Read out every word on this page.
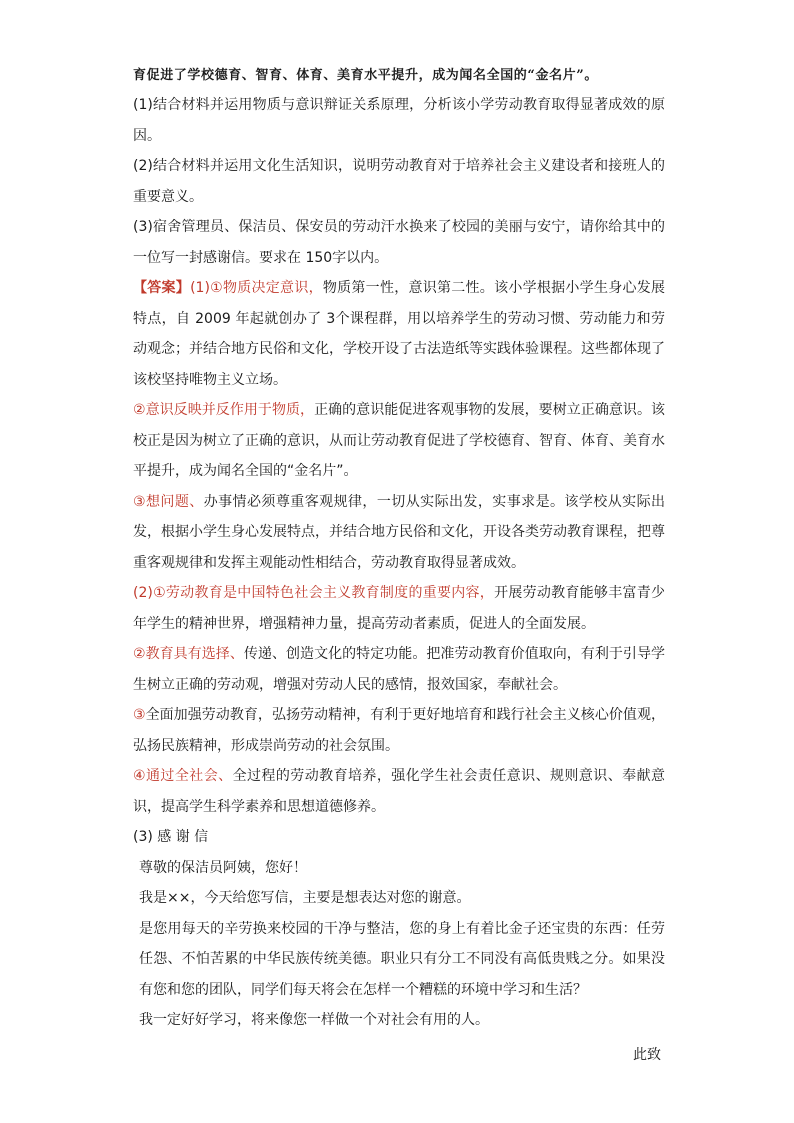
育促进了学校德育、智育、体育、美育水平提升，成为闻名全国的“金名片”。

(1)结合材料并运用物质与意识辩证关系原理，分析该小学劳动教育取得显著成效的原因。

(2)结合材料并运用文化生活知识，说明劳动教育对于培养社会主义建设者和接班人的重要意义。

(3)宿舍管理员、保洁员、保安员的劳动汗水换来了校园的美丽与安宁，请你给其中的一位写一封感谢信。要求在 150字以内。

【答案】(1)①物质决定意识，物质第一性，意识第二性。该小学根据小学生身心发展特点，自 2009 年起就创办了 3个课程群，用以培养学生的劳动习惯、劳动能力和劳动观念；并结合地方民俗和文化，学校开设了古法造纸等实践体验课程。这些都体现了该校坚持唯物主义立场。

②意识反映并反作用于物质，正确的意识能促进客观事物的发展，要树立正确意识。该校正是因为树立了正确的意识，从而让劳动教育促进了学校德育、智育、体育、美育水平提升，成为闻名全国的“金名片”。

③想问题、办事情必须尊重客观规律，一切从实际出发，实事求是。该学校从实际出发，根据小学生身心发展特点，并结合地方民俗和文化，开设各类劳动教育课程，把尊重客观规律和发挥主观能动性相结合，劳动教育取得显著成效。

(2)①劳动教育是中国特色社会主义教育制度的重要内容，开展劳动教育能够丰富青少年学生的精神世界，增强精神力量，提高劳动者素质，促进人的全面发展。

②教育具有选择、传递、创造文化的特定功能。把准劳动教育价值取向，有利于引导学生树立正确的劳动观，增强对劳动人民的感情，报效国家，奉献社会。

③全面加强劳动教育，弘扬劳动精神，有利于更好地培育和践行社会主义核心价值观，弘扬民族精神，形成崇尚劳动的社会氛围。

④通过全社会、全过程的劳动教育培养，强化学生社会责任意识、规则意识、奉献意识，提高学生科学素养和思想道德修养。

(3) 感 谢 信

尊敬的保洁员阿姨，您好！

我是××，今天给您写信，主要是想表达对您的谢意。

是您用每天的辛劳换来校园的干净与整洁，您的身上有着比金子还宝贵的东西：任劳任怨、不怕苦累的中华民族传统美德。职业只有分工不同没有高低贵贱之分。如果没有您和您的团队，同学们每天将会在怎样一个糟糕的环境中学习和生活？

我一定好好学习，将来像您一样做一个对社会有用的人。

此致
